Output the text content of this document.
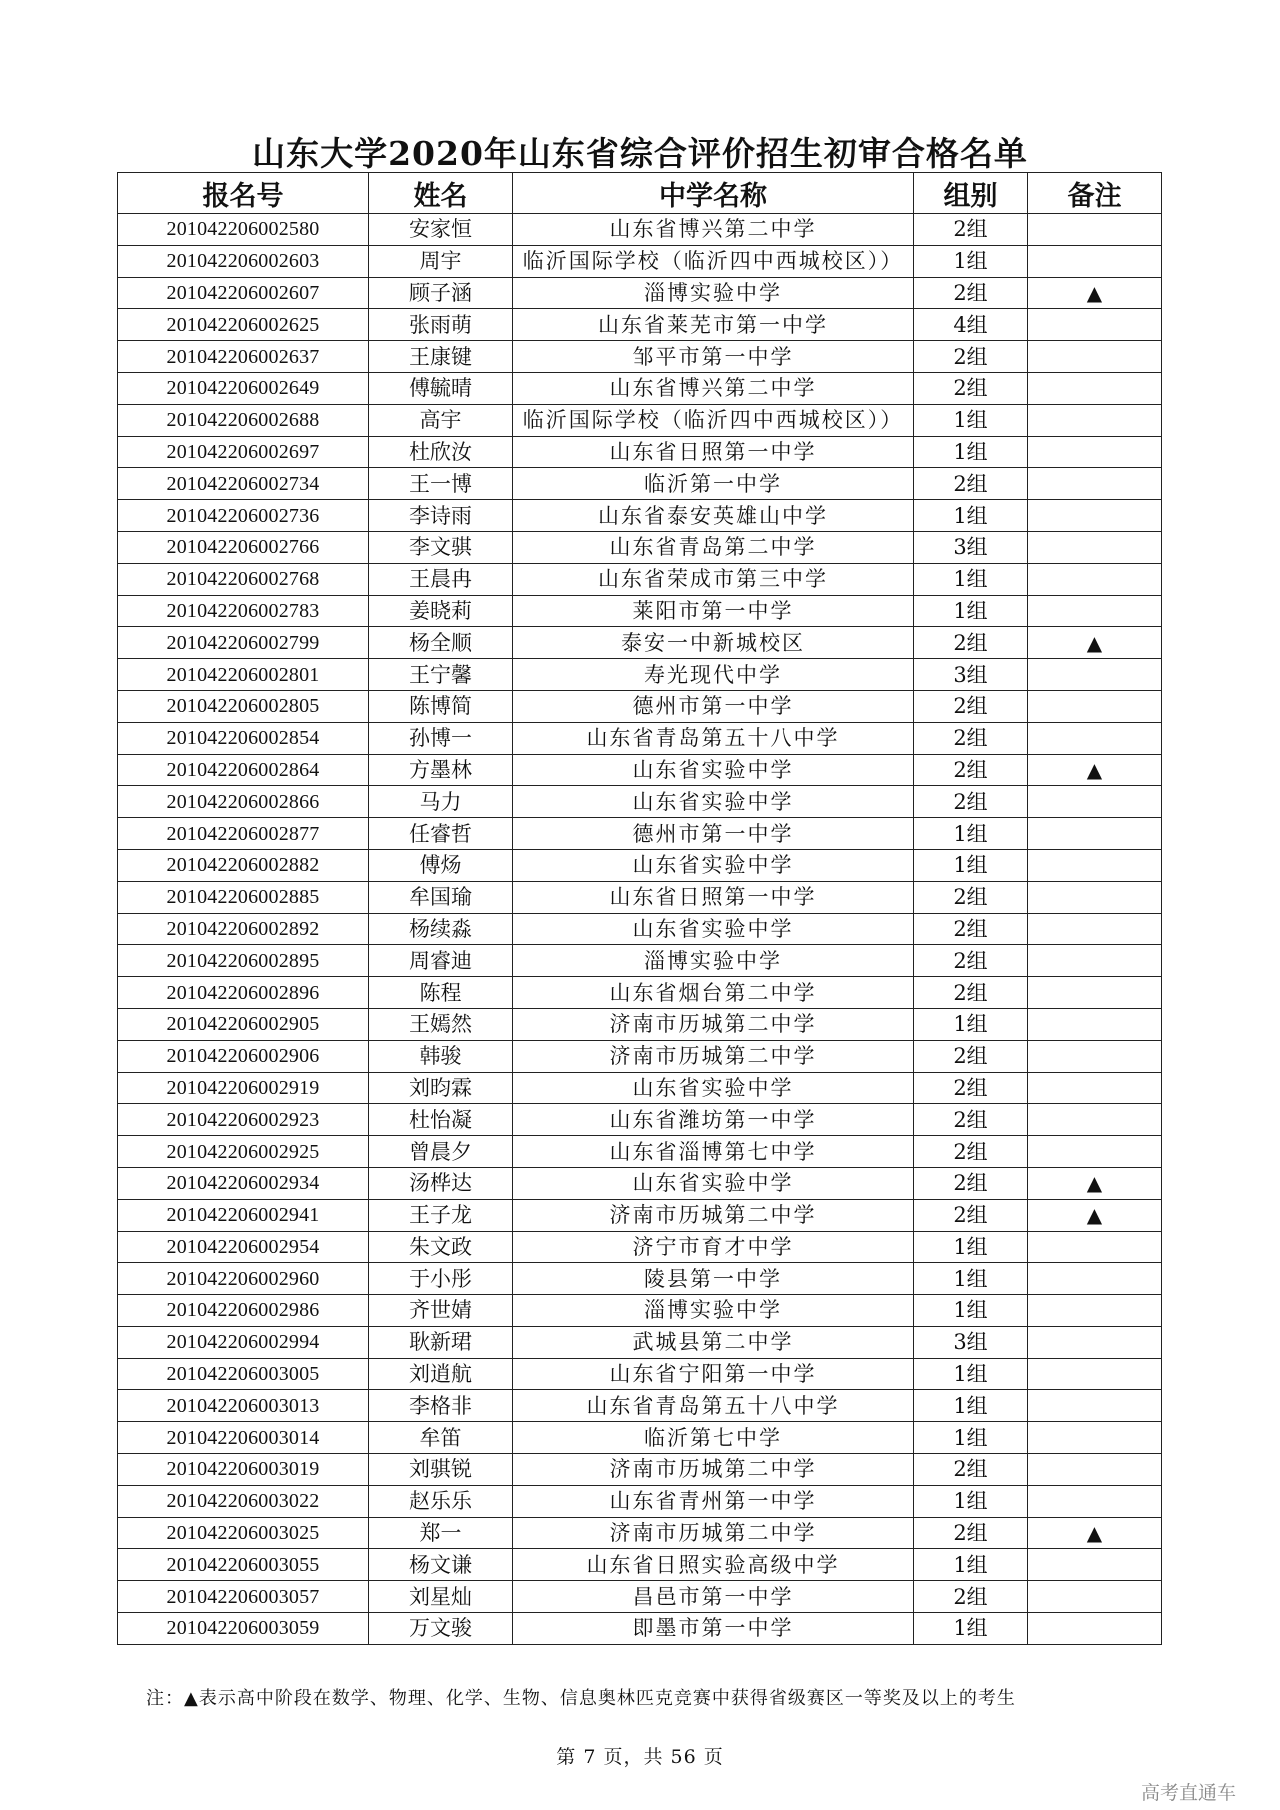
山东大学2020年山东省综合评价招生初审合格名单
报名号	姓名	中学名称	组别	备注
201042206002580	安家恒	山东省博兴第二中学	2组	
201042206002603	周宇	临沂国际学校（临沂四中西城校区））	1组	
201042206002607	顾子涵	淄博实验中学	2组	▲
201042206002625	张雨萌	山东省莱芜市第一中学	4组	
201042206002637	王康键	邹平市第一中学	2组	
201042206002649	傅毓晴	山东省博兴第二中学	2组	
201042206002688	高宇	临沂国际学校（临沂四中西城校区））	1组	
201042206002697	杜欣汝	山东省日照第一中学	1组	
201042206002734	王一博	临沂第一中学	2组	
201042206002736	李诗雨	山东省泰安英雄山中学	1组	
201042206002766	李文骐	山东省青岛第二中学	3组	
201042206002768	王晨冉	山东省荣成市第三中学	1组	
201042206002783	姜晓莉	莱阳市第一中学	1组	
201042206002799	杨全顺	泰安一中新城校区	2组	▲
201042206002801	王宁馨	寿光现代中学	3组	
201042206002805	陈博简	德州市第一中学	2组	
201042206002854	孙博一	山东省青岛第五十八中学	2组	
201042206002864	方墨林	山东省实验中学	2组	▲
201042206002866	马力	山东省实验中学	2组	
201042206002877	任睿哲	德州市第一中学	1组	
201042206002882	傅炀	山东省实验中学	1组	
201042206002885	牟国瑜	山东省日照第一中学	2组	
201042206002892	杨续淼	山东省实验中学	2组	
201042206002895	周睿迪	淄博实验中学	2组	
201042206002896	陈程	山东省烟台第二中学	2组	
201042206002905	王嫣然	济南市历城第二中学	1组	
201042206002906	韩骏	济南市历城第二中学	2组	
201042206002919	刘昀霖	山东省实验中学	2组	
201042206002923	杜怡凝	山东省潍坊第一中学	2组	
201042206002925	曾晨夕	山东省淄博第七中学	2组	
201042206002934	汤桦达	山东省实验中学	2组	▲
201042206002941	王子龙	济南市历城第二中学	2组	▲
201042206002954	朱文政	济宁市育才中学	1组	
201042206002960	于小彤	陵县第一中学	1组	
201042206002986	齐世婧	淄博实验中学	1组	
201042206002994	耿新珺	武城县第二中学	3组	
201042206003005	刘逍航	山东省宁阳第一中学	1组	
201042206003013	李格非	山东省青岛第五十八中学	1组	
201042206003014	牟笛	临沂第七中学	1组	
201042206003019	刘骐锐	济南市历城第二中学	2组	
201042206003022	赵乐乐	山东省青州第一中学	1组	
201042206003025	郑一	济南市历城第二中学	2组	▲
201042206003055	杨文谦	山东省日照实验高级中学	1组	
201042206003057	刘星灿	昌邑市第一中学	2组	
201042206003059	万文骏	即墨市第一中学	1组	
注：▲表示高中阶段在数学、物理、化学、生物、信息奥林匹克竞赛中获得省级赛区一等奖及以上的考生
第 7 页，共 56 页
高考直通车
